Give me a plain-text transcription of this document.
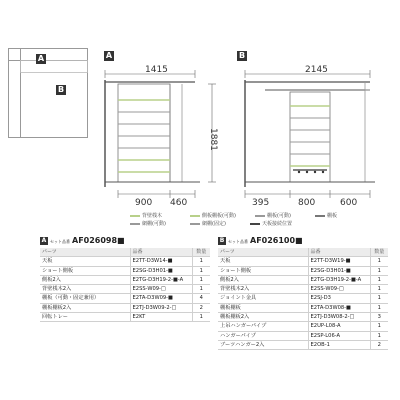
A
B
A
1415
1881
900 460
B
2145
395	800	600
背壁桟木	側板棚板(可動)	棚板(可動)
網棚(可動)	網棚(固定)	天板接続位置
棚板
A セット品番 AF026098■
パーツ	品番	数量
天板	E2TT-D3W14-■	1
ショート側板	E2SG-D3H01-■	1
側板2入	E2TG-D3H19-2-■-A	1
背壁桟木2入	E2SS-W09-□	1
棚板（可動・固定兼用）	E2TA-D3W09-■	4
棚板棚板2入	E2TJ-D3W09-2-□	2
回転トレー	E2KT	1
B セット品番 AF026100■
パーツ	品番	数量
天板	E2TT-D3W19-■	1
ショート側板	E2SG-D3H01-■	1
側板2入	E2TG-D3H19-2-■-A	1
背壁桟木2入	E2SS-W09-□	1
ジョイント金具	E2SJ-D3	1
棚板棚板	E2TA-D3W08-■	1
棚板棚板2入	E2TJ-D3W08-2-□	3
上吊ハンガーパイプ	E2UP-L08-A	1
ハンガーパイプ	E2SP-L06-A	1
ブーツハンガー2入	E2OB-1	2
